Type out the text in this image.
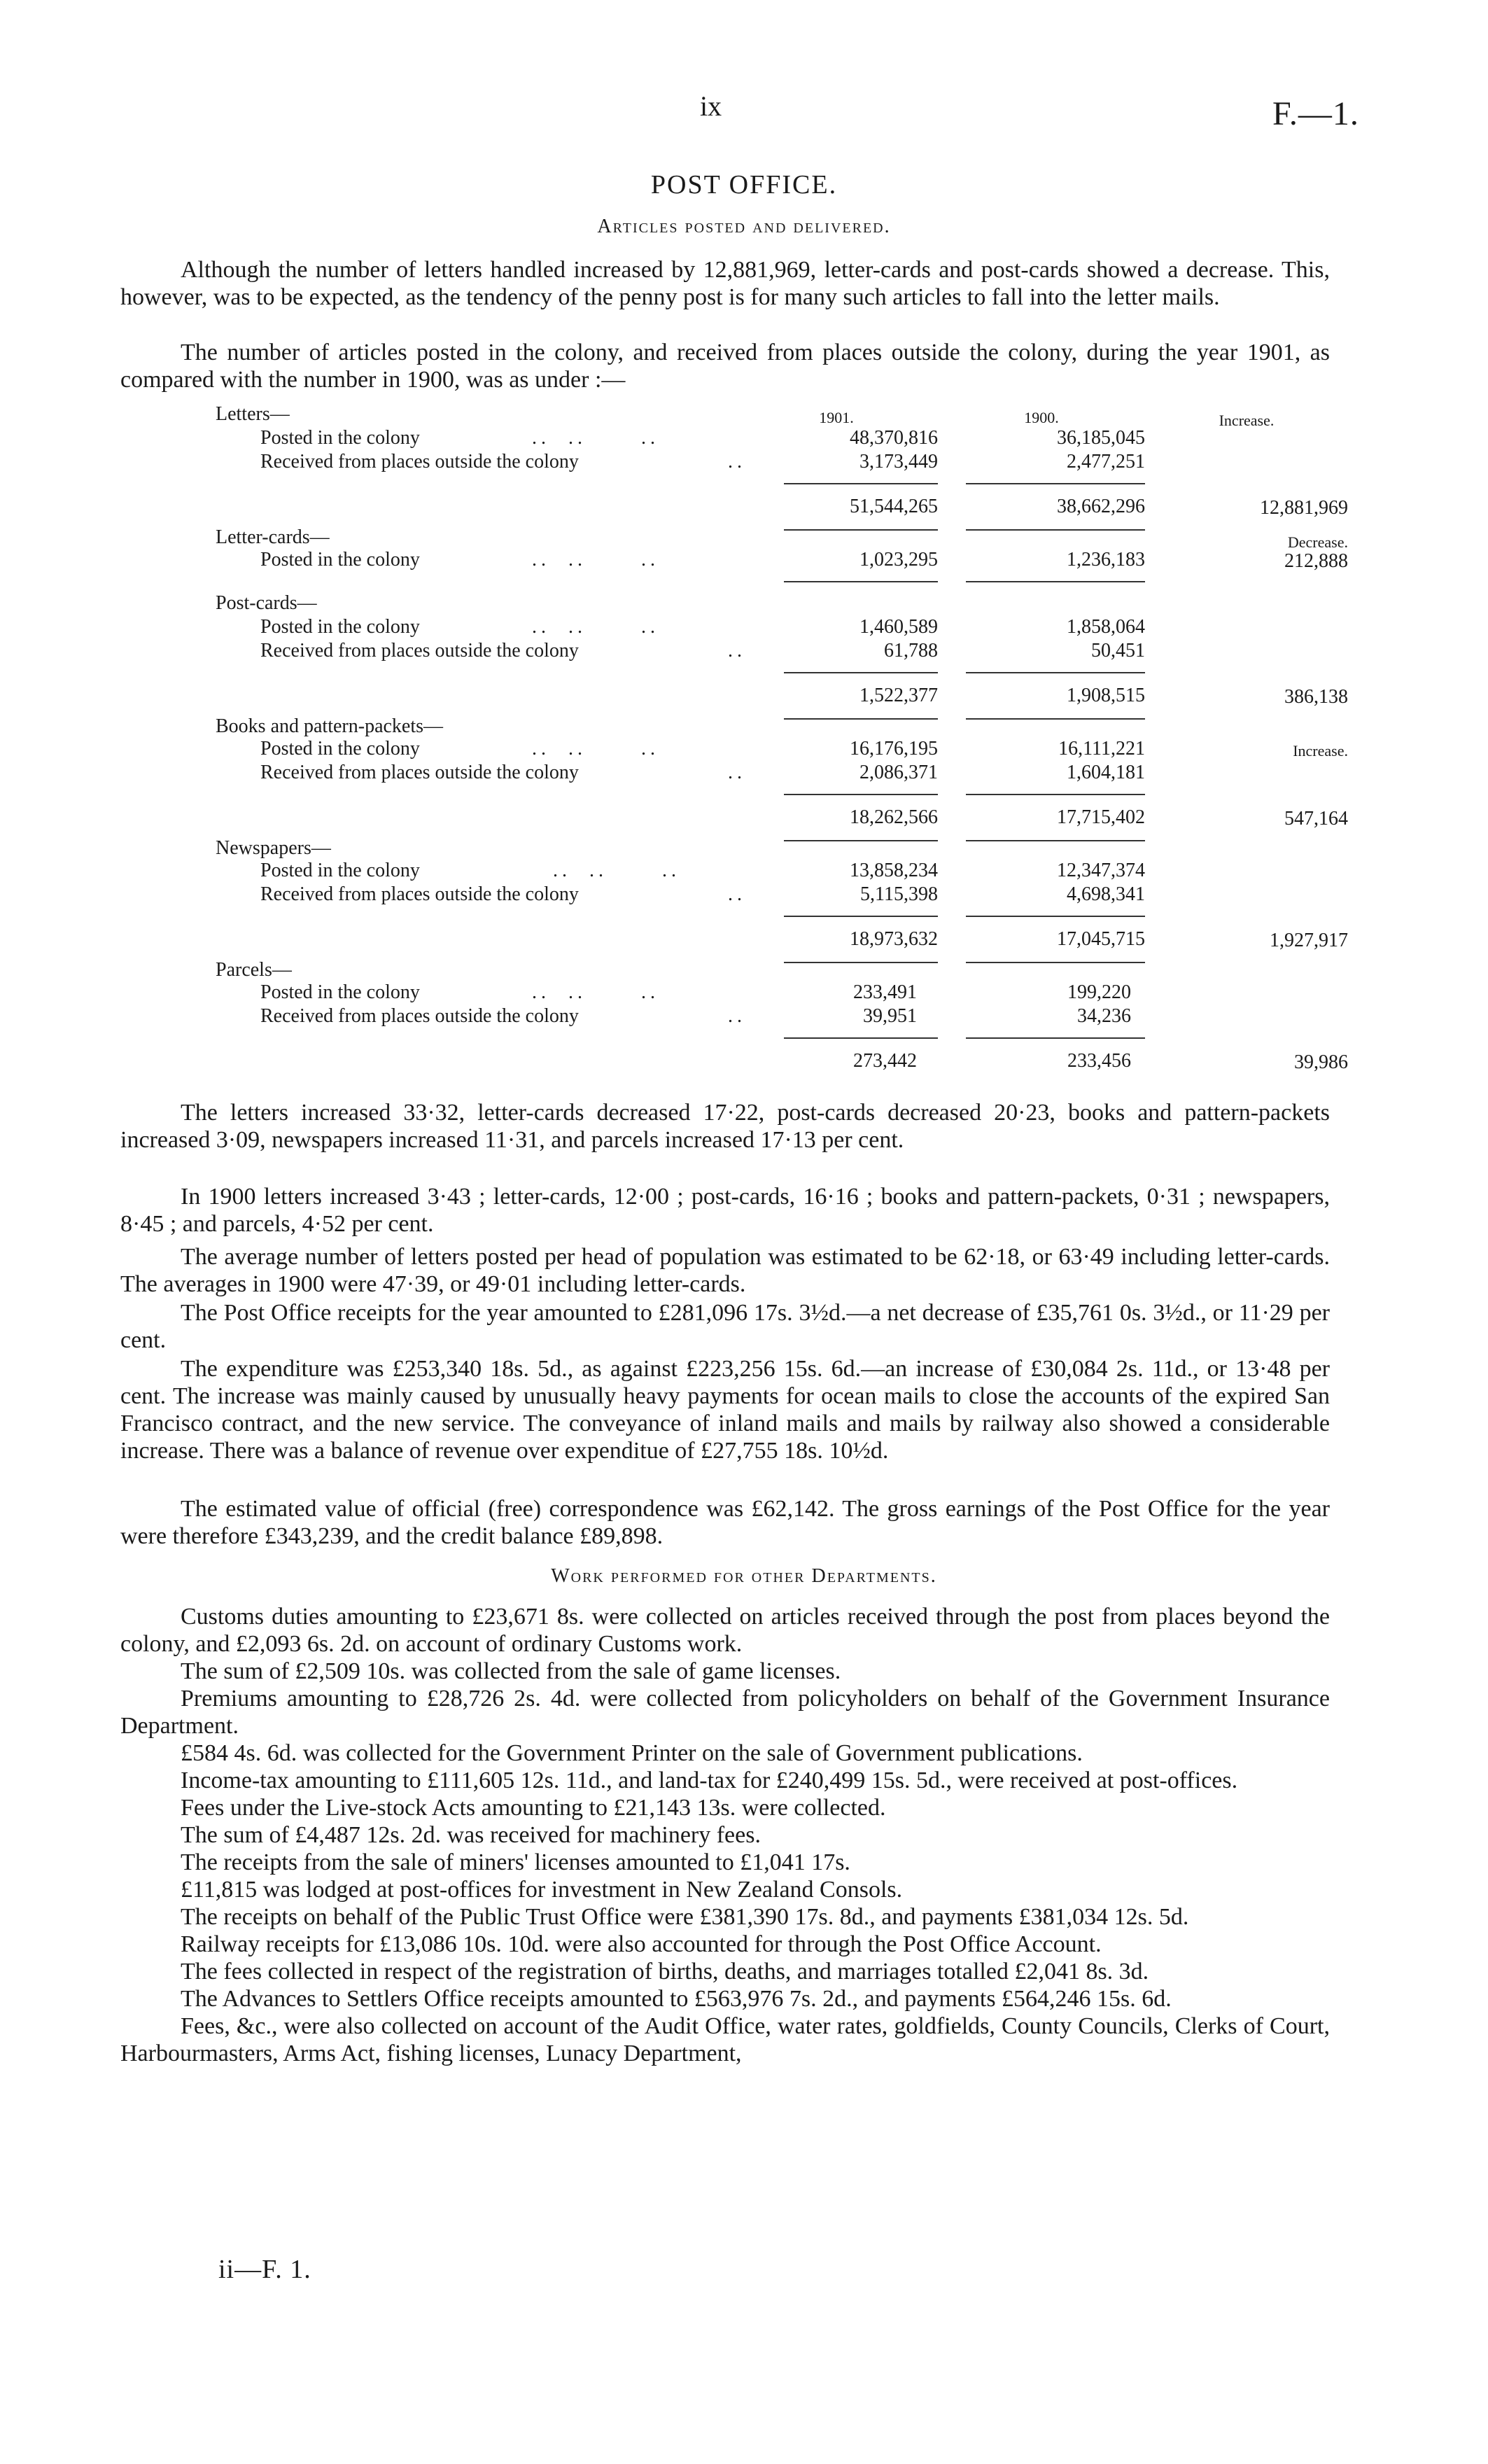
ix	F.—1.
POST OFFICE.
Articles posted and delivered.
Although the number of letters handled increased by 12,881,969, letter-cards and post-cards showed a decrease. This, however, was to be expected, as the tendency of the penny post is for many such articles to fall into the letter mails.
The number of articles posted in the colony, and received from places outside the colony, during the year 1901, as compared with the number in 1900, was as under :—
1901.	1900.	Increase.
Letters—
Posted in the colony	..  ..      ..	48,370,816	36,185,045
Received from places outside the colony	..	3,173,449	2,477,251
51,544,265	38,662,296	12,881,969
Letter-cards—	Decrease.
Posted in the colony	..  ..      ..	1,023,295	1,236,183	212,888
Post-cards—
Posted in the colony	..  ..      ..	1,460,589	1,858,064
Received from places outside the colony	..	61,788	50,451
1,522,377	1,908,515	386,138
Books and pattern-packets—
Posted in the colony	..  ..      ..	16,176,195	16,111,221	Increase.
Received from places outside the colony	..	2,086,371	1,604,181
18,262,566	17,715,402	547,164
Newspapers—
Posted in the colony	..  ..      ..	13,858,234	12,347,374
Received from places outside the colony	..	5,115,398	4,698,341
18,973,632	17,045,715	1,927,917
Parcels—
Posted in the colony	..  ..      ..	233,491	199,220
Received from places outside the colony	..	39,951	34,236
273,442	233,456	39,986
The letters increased 33·32, letter-cards decreased 17·22, post-cards decreased 20·23, books and pattern-packets increased 3·09, newspapers increased 11·31, and parcels increased 17·13 per cent.
In 1900 letters increased 3·43 ; letter-cards, 12·00 ; post-cards, 16·16 ; books and pattern-packets, 0·31 ; newspapers, 8·45 ; and parcels, 4·52 per cent.
The average number of letters posted per head of population was estimated to be 62·18, or 63·49 including letter-cards. The averages in 1900 were 47·39, or 49·01 including letter-cards.
The Post Office receipts for the year amounted to £281,096 17s. 3½d.—a net decrease of £35,761 0s. 3½d., or 11·29 per cent.
The expenditure was £253,340 18s. 5d., as against £223,256 15s. 6d.—an increase of £30,084 2s. 11d., or 13·48 per cent. The increase was mainly caused by unusually heavy payments for ocean mails to close the accounts of the expired San Francisco contract, and the new service. The conveyance of inland mails and mails by railway also showed a considerable increase. There was a balance of revenue over expenditue of £27,755 18s. 10½d.
The estimated value of official (free) correspondence was £62,142. The gross earnings of the Post Office for the year were therefore £343,239, and the credit balance £89,898.
Work performed for other Departments.

Customs duties amounting to £23,671 8s. were collected on articles received through the post from places beyond the colony, and £2,093 6s. 2d. on account of ordinary Customs work.

The sum of £2,509 10s. was collected from the sale of game licenses.

Premiums amounting to £28,726 2s. 4d. were collected from policyholders on behalf of the Government Insurance Department.

£584 4s. 6d. was collected for the Government Printer on the sale of Government publications.

Income-tax amounting to £111,605 12s. 11d., and land-tax for £240,499 15s. 5d., were received at post-offices.

Fees under the Live-stock Acts amounting to £21,143 13s. were collected.

The sum of £4,487 12s. 2d. was received for machinery fees.

The receipts from the sale of miners' licenses amounted to £1,041 17s.

£11,815 was lodged at post-offices for investment in New Zealand Consols.

The receipts on behalf of the Public Trust Office were £381,390 17s. 8d., and payments £381,034 12s. 5d.

Railway receipts for £13,086 10s. 10d. were also accounted for through the Post Office Account.

The fees collected in respect of the registration of births, deaths, and marriages totalled £2,041 8s. 3d.

The Advances to Settlers Office receipts amounted to £563,976 7s. 2d., and payments £564,246 15s. 6d.

Fees, &c., were also collected on account of the Audit Office, water rates, goldfields, County Councils, Clerks of Court, Harbourmasters, Arms Act, fishing licenses, Lunacy Department,

ii—F. 1.
